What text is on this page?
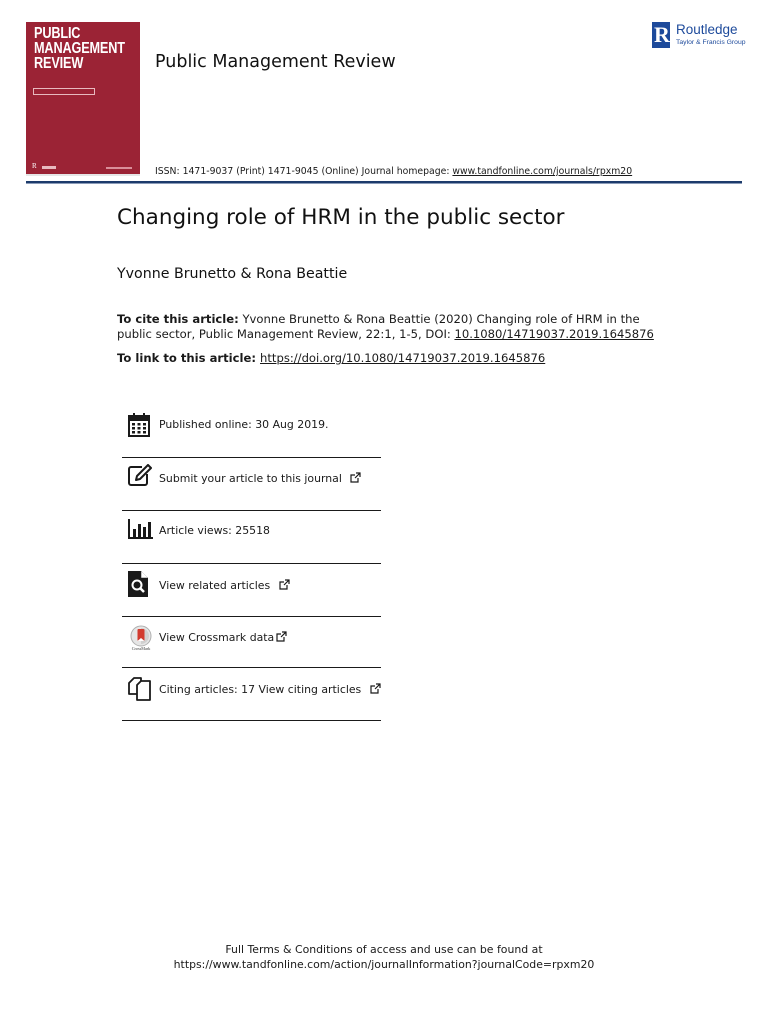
PUBLIC
MANAGEMENT
REVIEW
R
Public Management Review
R Routledge
Taylor & Francis Group
ISSN: 1471-9037 (Print) 1471-9045 (Online) Journal homepage: www.tandfonline.com/journals/rpxm20
Changing role of HRM in the public sector
Yvonne Brunetto & Rona Beattie
To cite this article: Yvonne Brunetto & Rona Beattie (2020) Changing role of HRM in the public sector, Public Management Review, 22:1, 1-5, DOI: 10.1080/14719037.2019.1645876
To link to this article: https://doi.org/10.1080/14719037.2019.1645876
Published online: 30 Aug 2019.
Submit your article to this journal
Article views: 25518
View related articles
CrossMark
View Crossmark data
Citing articles: 17 View citing articles
Full Terms & Conditions of access and use can be found at
https://www.tandfonline.com/action/journalInformation?journalCode=rpxm20
